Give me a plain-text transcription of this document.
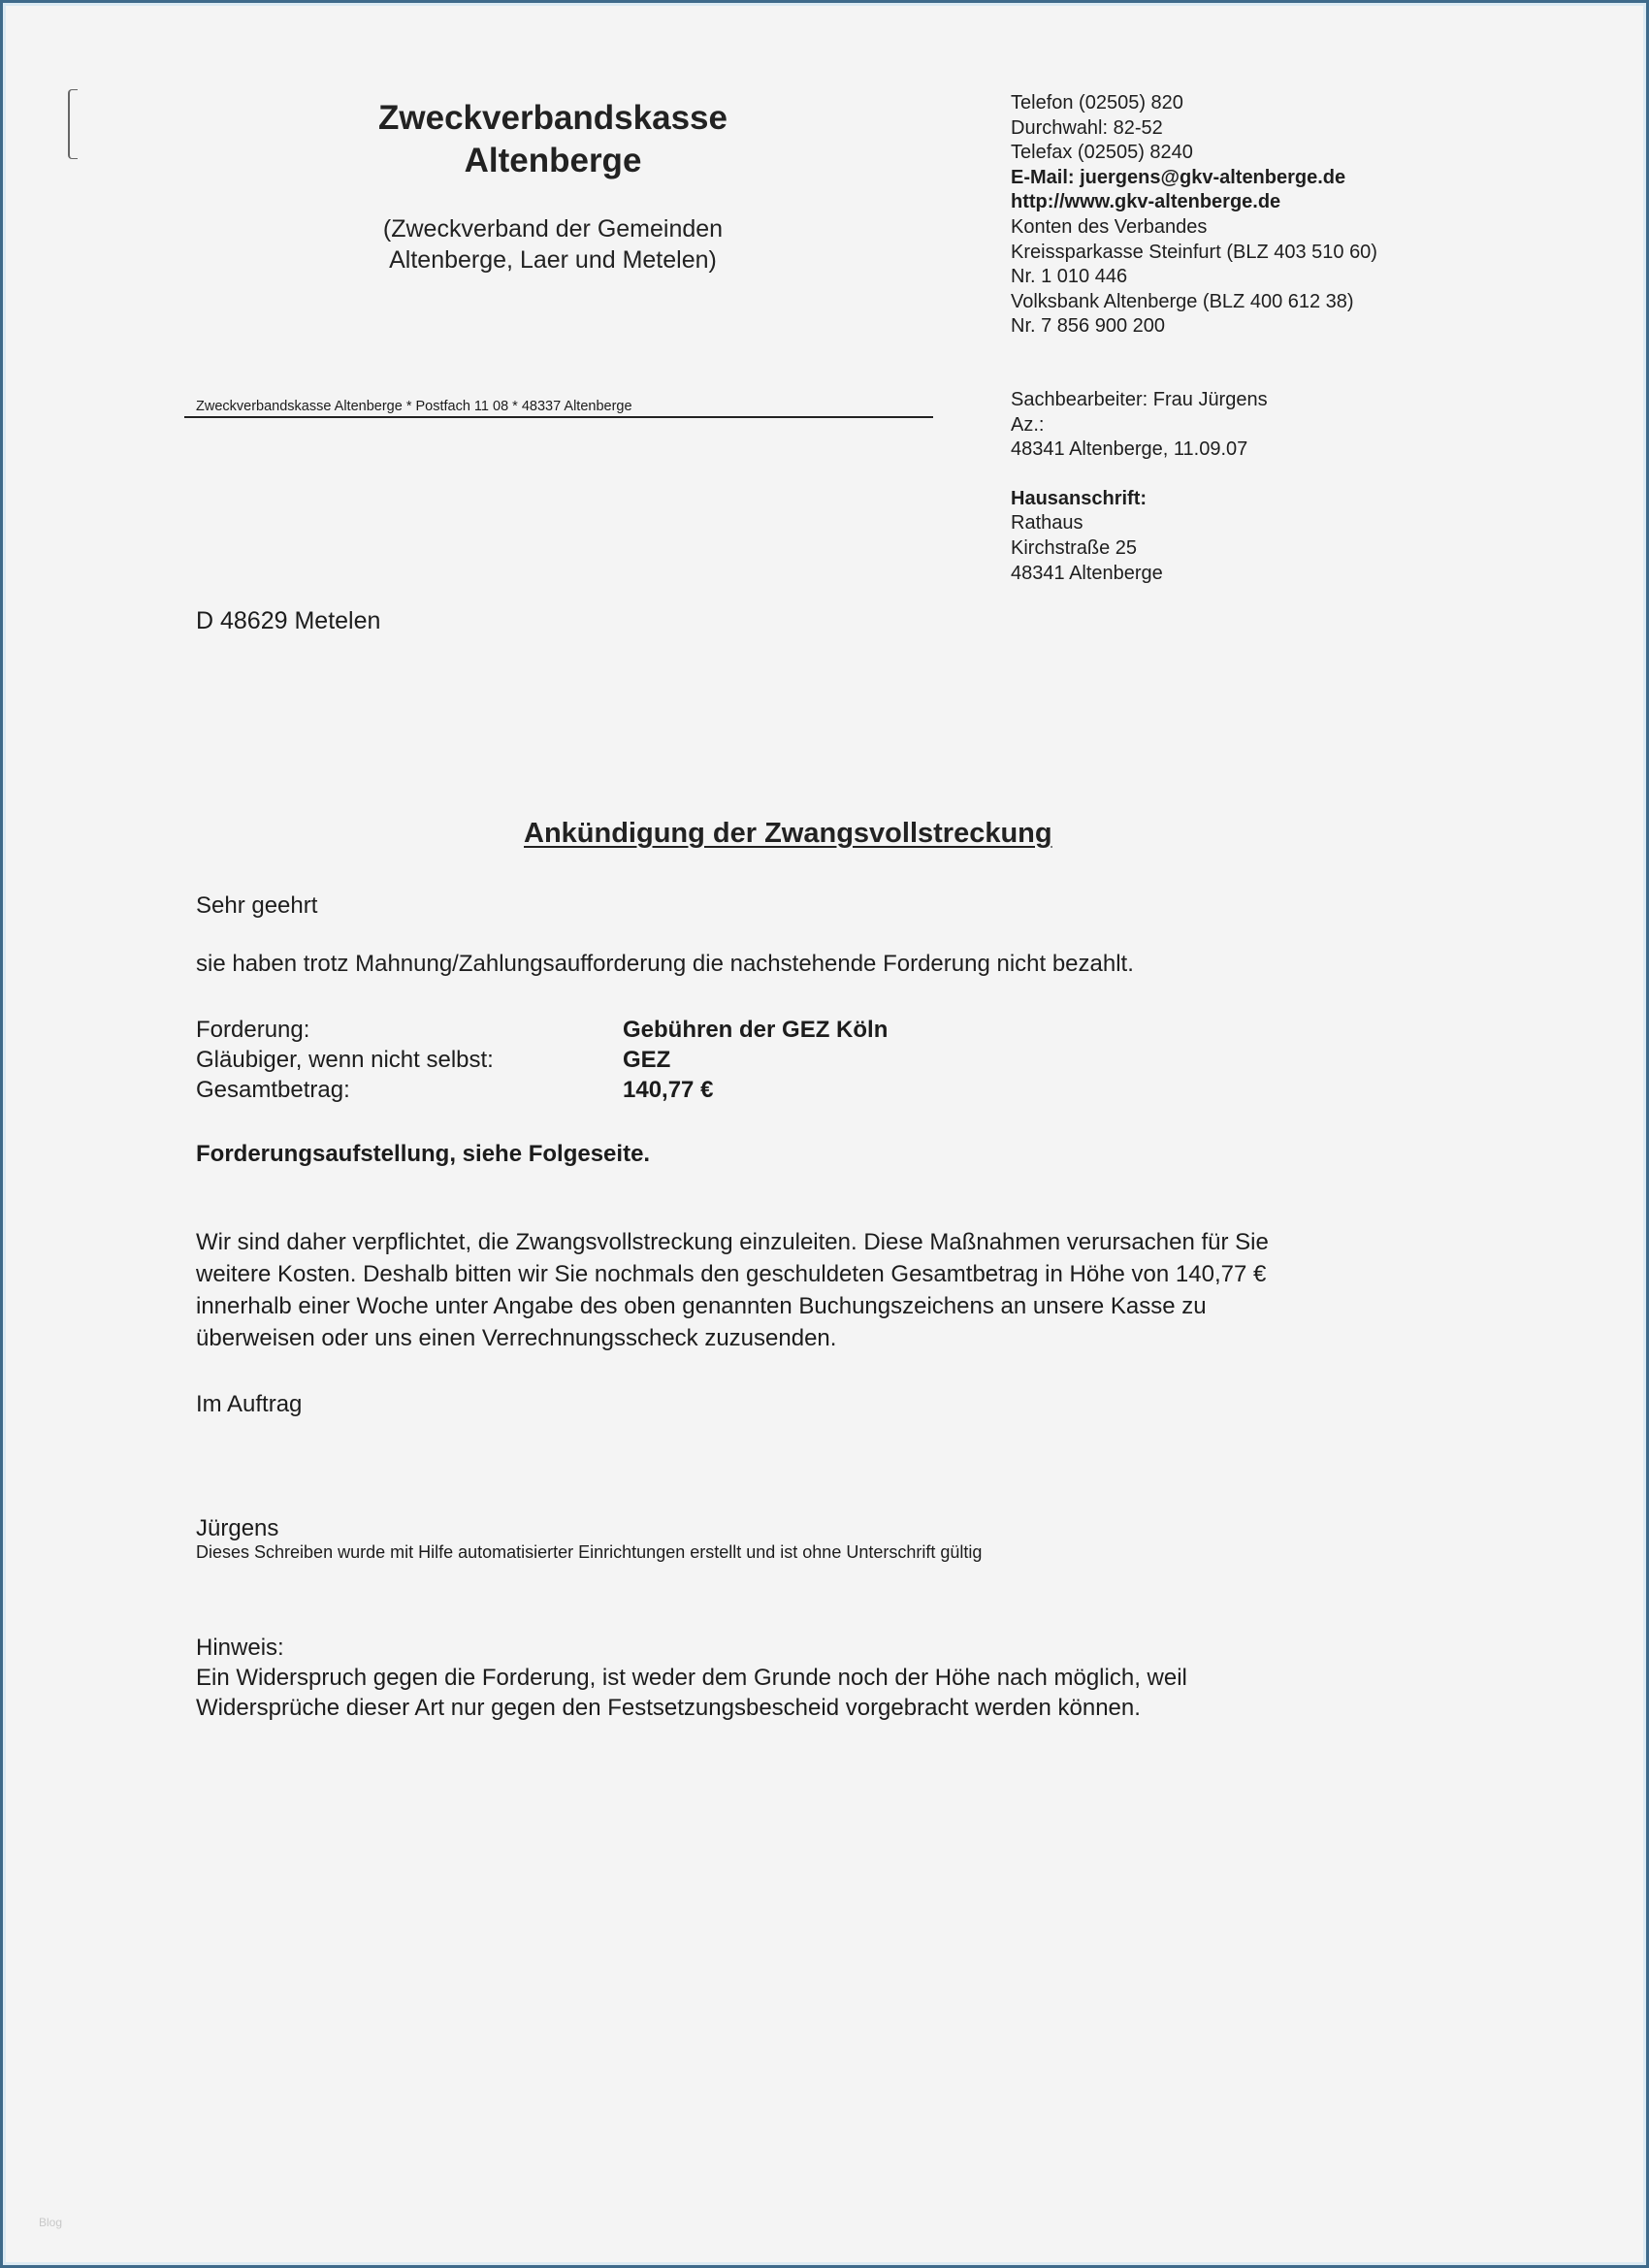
Zweckverbandskasse
Altenberge
(Zweckverband der Gemeinden
Altenberge, Laer und Metelen)
Telefon (02505) 820
Durchwahl: 82-52
Telefax (02505) 8240
E-Mail: juergens@gkv-altenberge.de
http://www.gkv-altenberge.de
Konten des Verbandes
Kreissparkasse Steinfurt (BLZ 403 510 60)
Nr. 1 010 446
Volksbank Altenberge (BLZ 400 612 38)
Nr. 7 856 900 200
Zweckverbandskasse Altenberge * Postfach 11 08 * 48337 Altenberge	Sachbearbeiter: Frau Jürgens
Az.:
48341 Altenberge, 11.09.07
Hausanschrift:
Rathaus
Kirchstraße 25
48341 Altenberge
D 48629 Metelen
Ankündigung der Zwangsvollstreckung
Sehr geehrt
sie haben trotz Mahnung/Zahlungsaufforderung die nachstehende Forderung nicht bezahlt.
Forderung:	Gebühren der GEZ Köln
Gläubiger, wenn nicht selbst:	GEZ
Gesamtbetrag:	140,77 €
Forderungsaufstellung, siehe Folgeseite.
Wir sind daher verpflichtet, die Zwangsvollstreckung einzuleiten. Diese Maßnahmen verursachen für Sie
weitere Kosten. Deshalb bitten wir Sie nochmals den geschuldeten Gesamtbetrag in Höhe von 140,77 €
innerhalb einer Woche unter Angabe des oben genannten Buchungszeichens an unsere Kasse zu
überweisen oder uns einen Verrechnungsscheck zuzusenden.
Im Auftrag
Jürgens
Dieses Schreiben wurde mit Hilfe automatisierter Einrichtungen erstellt und ist ohne Unterschrift gültig
Hinweis:
Ein Widerspruch gegen die Forderung, ist weder dem Grunde noch der Höhe nach möglich, weil
Widersprüche dieser Art nur gegen den Festsetzungsbescheid vorgebracht werden können.
Blog
